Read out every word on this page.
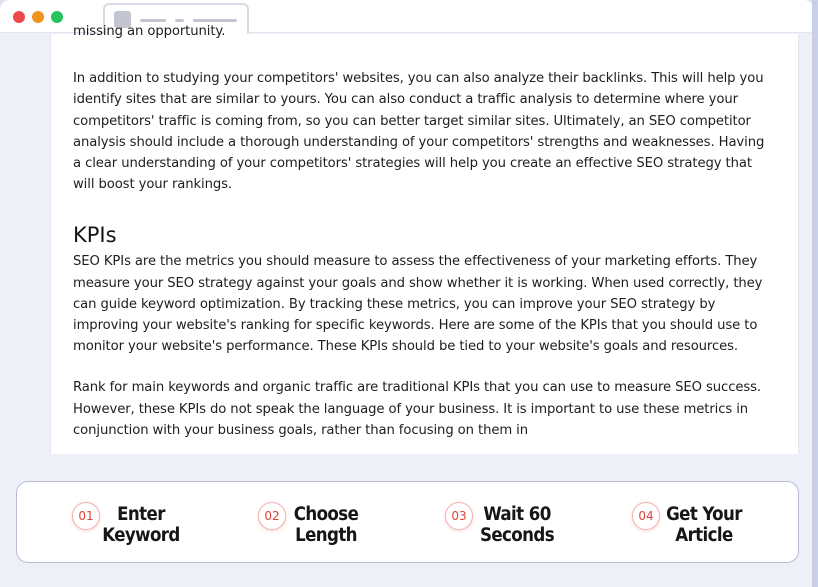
missing an opportunity.

In addition to studying your competitors' websites, you can also analyze their backlinks. This will help you identify sites that are similar to yours. You can also conduct a traffic analysis to determine where your competitors' traffic is coming from, so you can better target similar sites. Ultimately, an SEO competitor analysis should include a thorough understanding of your competitors' strengths and weaknesses. Having a clear understanding of your competitors' strategies will help you create an effective SEO strategy that will boost your rankings.

KPIs

SEO KPIs are the metrics you should measure to assess the effectiveness of your marketing efforts. They measure your SEO strategy against your goals and show whether it is working. When used correctly, they can guide keyword optimization. By tracking these metrics, you can improve your SEO strategy by improving your website's ranking for specific keywords. Here are some of the KPIs that you should use to monitor your website's performance. These KPIs should be tied to your website's goals and resources.

Rank for main keywords and organic traffic are traditional KPIs that you can use to measure SEO success. However, these KPIs do not speak the language of your business. It is important to use these metrics in conjunction with your business goals, rather than focusing on them in

01	Enter
Keyword
02 Choose
Length
03 Wait 60
Seconds
04 Get Your
Article
